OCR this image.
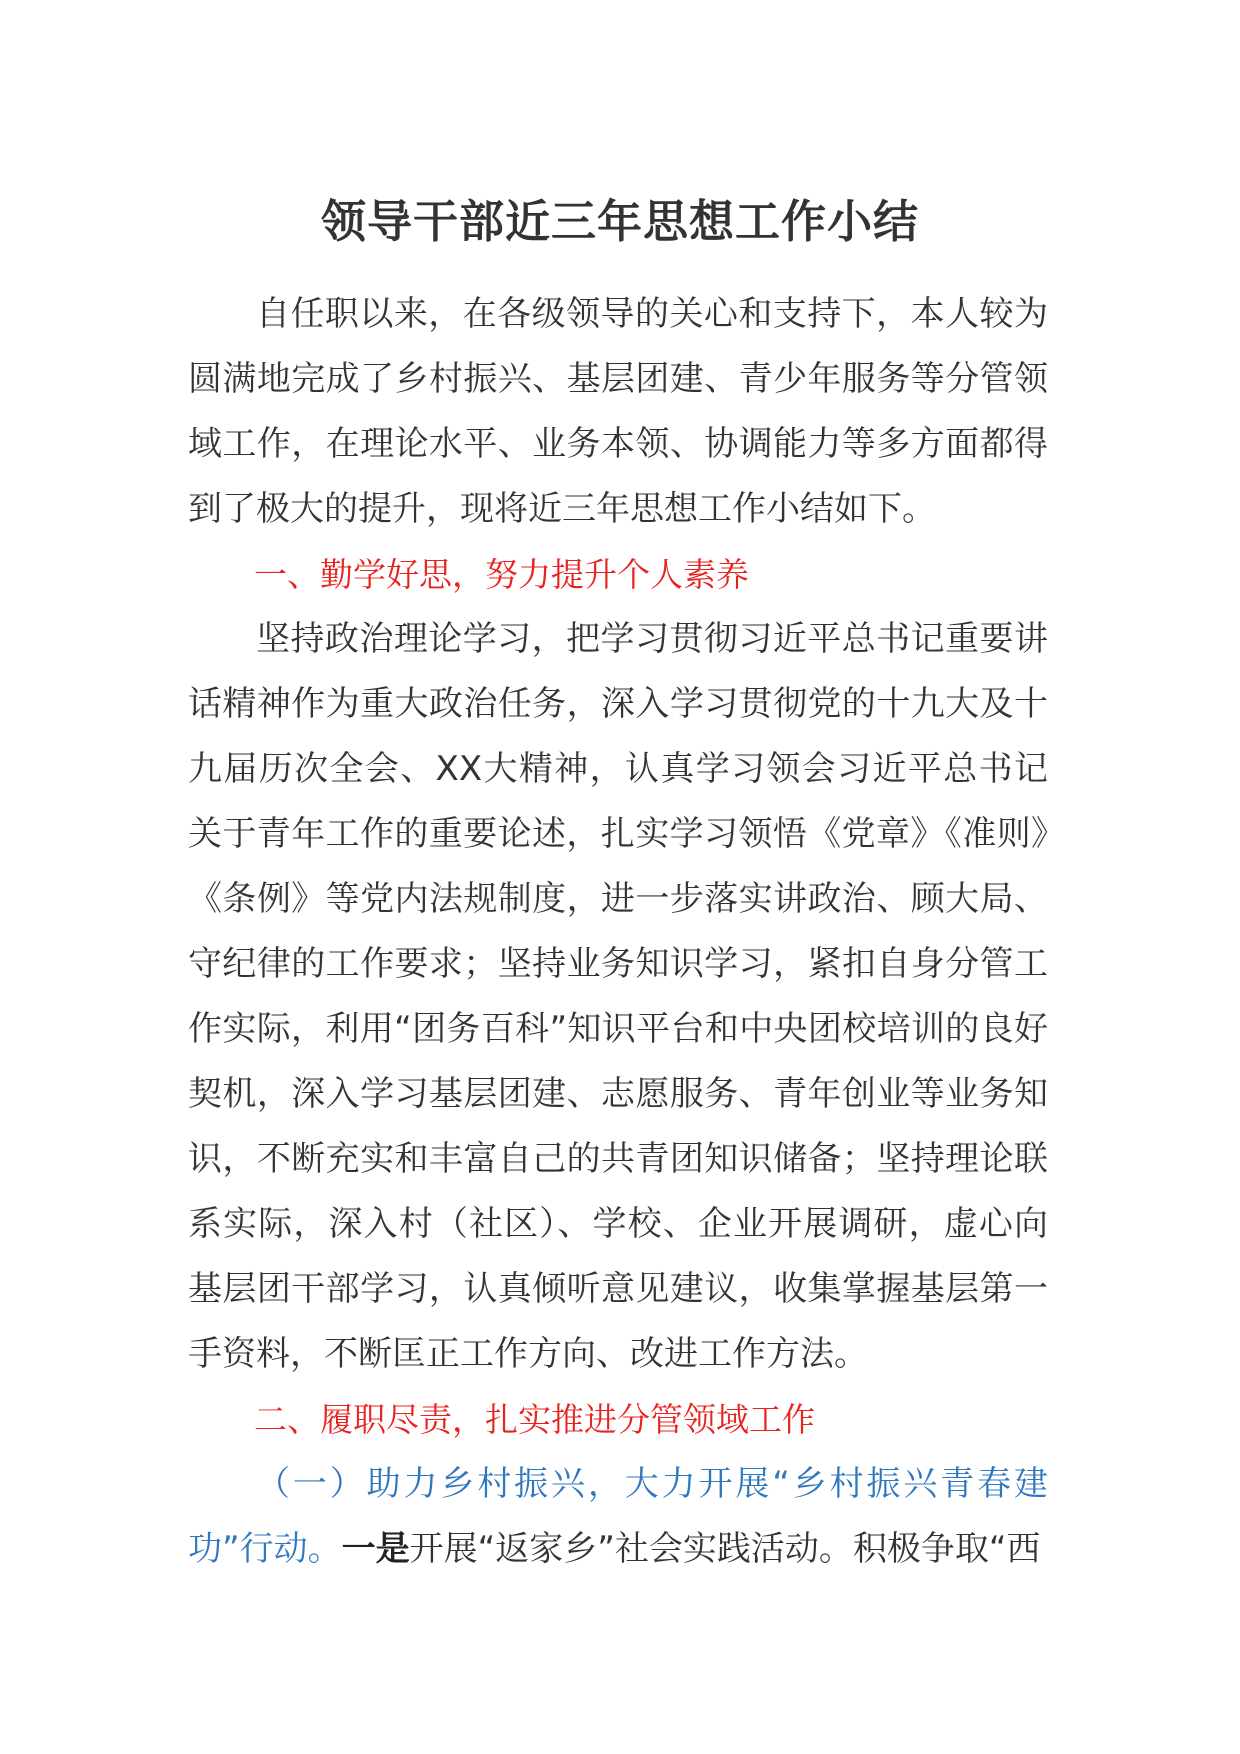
领导干部近三年思想工作小结

自任职以来，在各级领导的关心和支持下，本人较为圆满地完成了乡村振兴、基层团建、青少年服务等分管领域工作，在理论水平、业务本领、协调能力等多方面都得到了极大的提升，现将近三年思想工作小结如下。

一、勤学好思，努力提升个人素养

坚持政治理论学习，把学习贯彻习近平总书记重要讲话精神作为重大政治任务，深入学习贯彻党的十九大及十九届历次全会、XX大精神，认真学习领会习近平总书记关于青年工作的重要论述，扎实学习领悟《党章》《准则》《条例》等党内法规制度，进一步落实讲政治、顾大局、守纪律的工作要求；坚持业务知识学习，紧扣自身分管工作实际，利用“团务百科”知识平台和中央团校培训的良好契机，深入学习基层团建、志愿服务、青年创业等业务知识，不断充实和丰富自己的共青团知识储备；坚持理论联系实际，深入村（社区）、学校、企业开展调研，虚心向基层团干部学习，认真倾听意见建议，收集掌握基层第一手资料，不断匡正工作方向、改进工作方法。

二、履职尽责，扎实推进分管领域工作

（一）助力乡村振兴，大力开展“乡村振兴青春建功”行动。一是开展“返家乡”社会实践活动。积极争取“西
